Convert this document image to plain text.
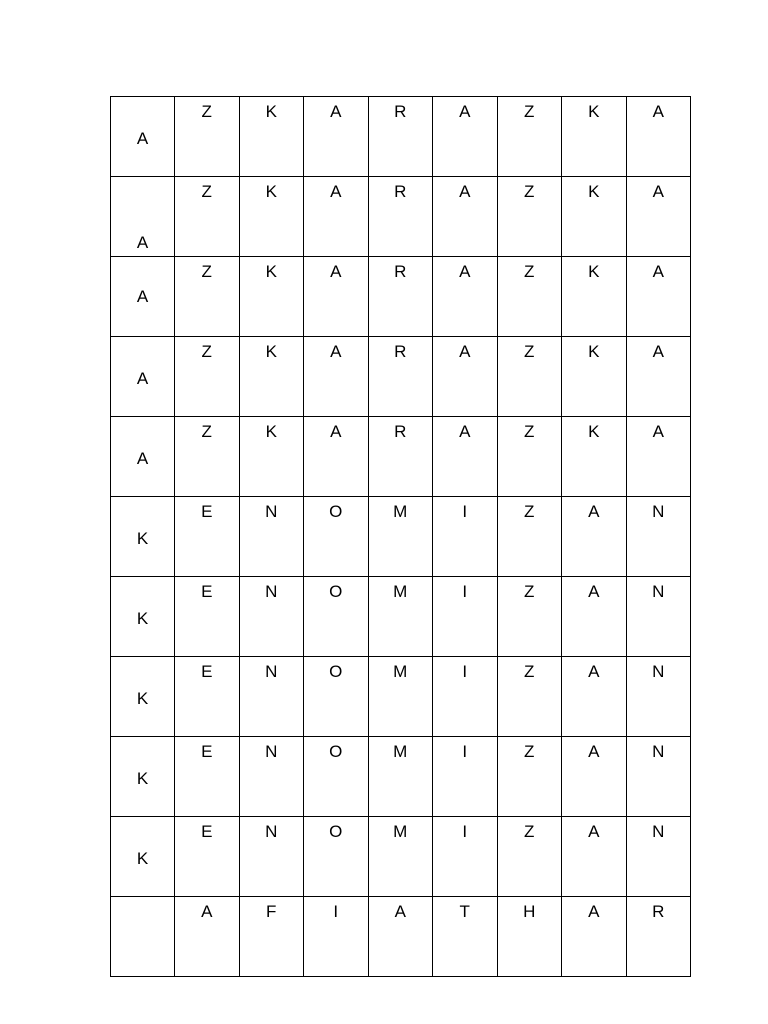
A	Z	K	A	R	A	Z	K	A
A	Z	K	A	R	A	Z	K	A
A	Z	K	A	R	A	Z	K	A
A	Z	K	A	R	A	Z	K	A
A	Z	K	A	R	A	Z	K	A
K	E	N	O	M	I	Z	A	N
K	E	N	O	M	I	Z	A	N
K	E	N	O	M	I	Z	A	N
K	E	N	O	M	I	Z	A	N
K	E	N	O	M	I	Z	A	N
	A	F	I	A	T	H	A	R
